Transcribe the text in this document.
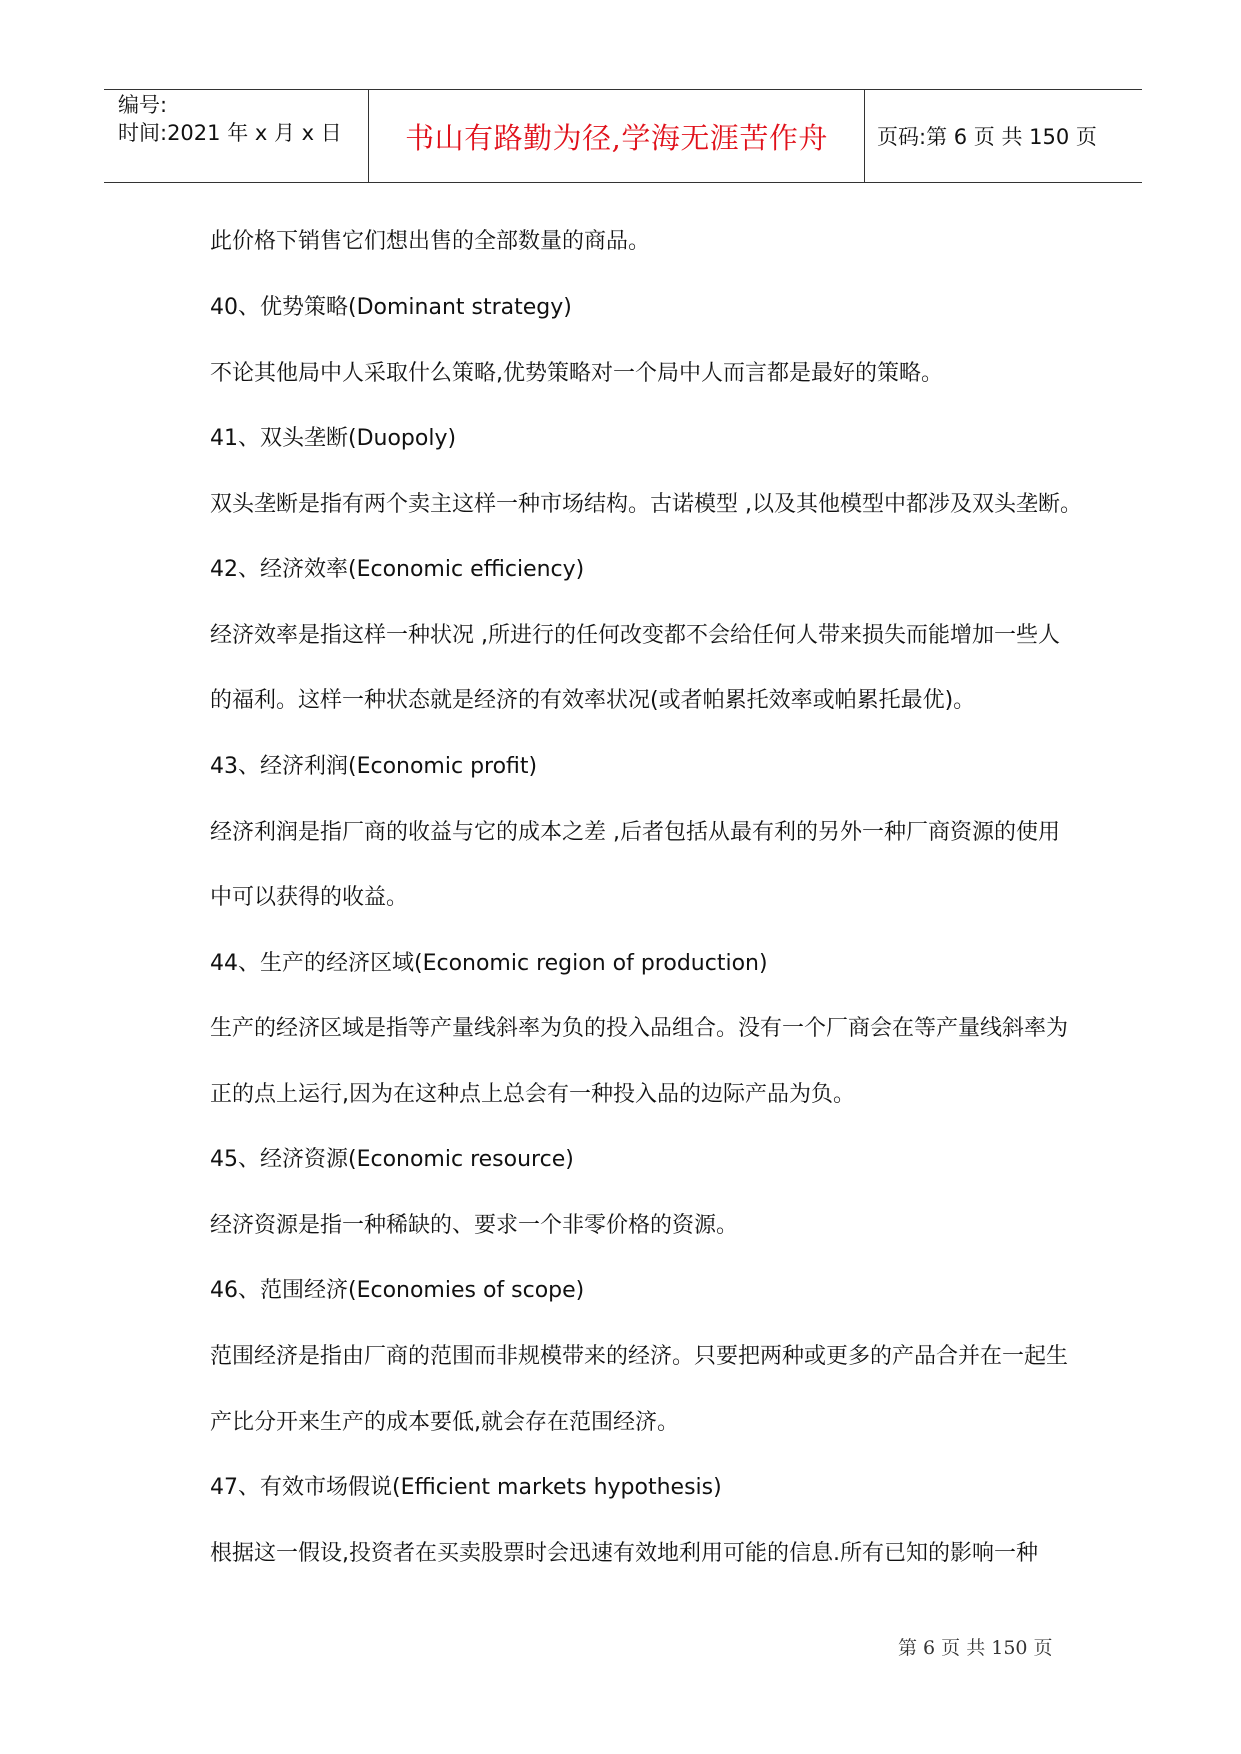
编号:
时间:2021 年 x 月 x 日 书山有路勤为径,学海无涯苦作舟 页码:第 6 页 共 150 页
此价格下销售它们想出售的全部数量的商品。
40、优势策略(Dominant strategy)
不论其他局中人采取什么策略,优势策略对一个局中人而言都是最好的策略。
41、双头垄断(Duopoly)
双头垄断是指有两个卖主这样一种市场结构。古诺模型 ,以及其他模型中都涉及双头垄断。
42、经济效率(Economic efficiency)
经济效率是指这样一种状况 ,所进行的任何改变都不会给任何人带来损失而能增加一些人
的福利。这样一种状态就是经济的有效率状况(或者帕累托效率或帕累托最优)。
43、经济利润(Economic profit)
经济利润是指厂商的收益与它的成本之差 ,后者包括从最有利的另外一种厂商资源的使用
中可以获得的收益。
44、生产的经济区域(Economic region of production)
生产的经济区域是指等产量线斜率为负的投入品组合。没有一个厂商会在等产量线斜率为
正的点上运行,因为在这种点上总会有一种投入品的边际产品为负。
45、经济资源(Economic resource)
经济资源是指一种稀缺的、要求一个非零价格的资源。
46、范围经济(Economies of scope)
范围经济是指由厂商的范围而非规模带来的经济。只要把两种或更多的产品合并在一起生
产比分开来生产的成本要低,就会存在范围经济。
47、有效市场假说(Efficient markets hypothesis)
根据这一假设,投资者在买卖股票时会迅速有效地利用可能的信息.所有已知的影响一种
第 6 页 共 150 页
